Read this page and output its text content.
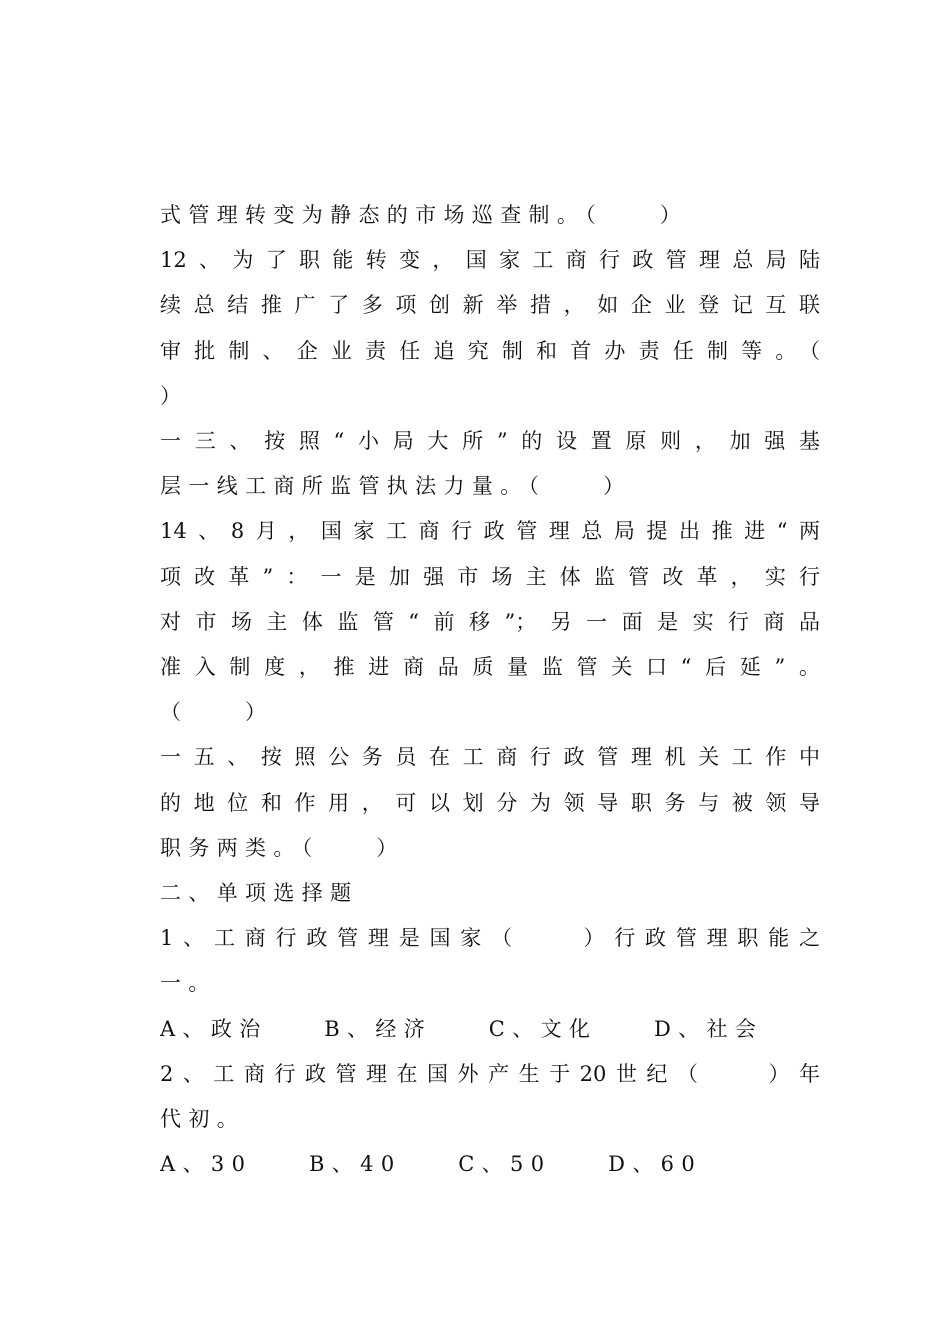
式管理转变为静态的市场巡查制。（　　）
12、为了职能转变，国家工商行政管理总局陆
续总结推广了多项创新举措，如企业登记互联
审批制、企业责任追究制和首办责任制等。（
）
一三、按照“小局大所”的设置原则，加强基
层一线工商所监管执法力量。（　　）
14、8月，国家工商行政管理总局提出推进“两
项改革”：一是加强市场主体监管改革，实行
对市场主体监管“前移”；另一面是实行商品
准入制度，推进商品质量监管关口“后延”。
（　　）
一五、按照公务员在工商行政管理机关工作中
的地位和作用，可以划分为领导职务与被领导
职务两类。（　　）
二、单项选择题
1、工商行政管理是国家（　　）行政管理职能之
一。
A、政治　　B、经济　　C、文化　　D、社会
2、工商行政管理在国外产生于20世纪（　　）年
代初。
A、30　　B、40　　C、50　　D、60
